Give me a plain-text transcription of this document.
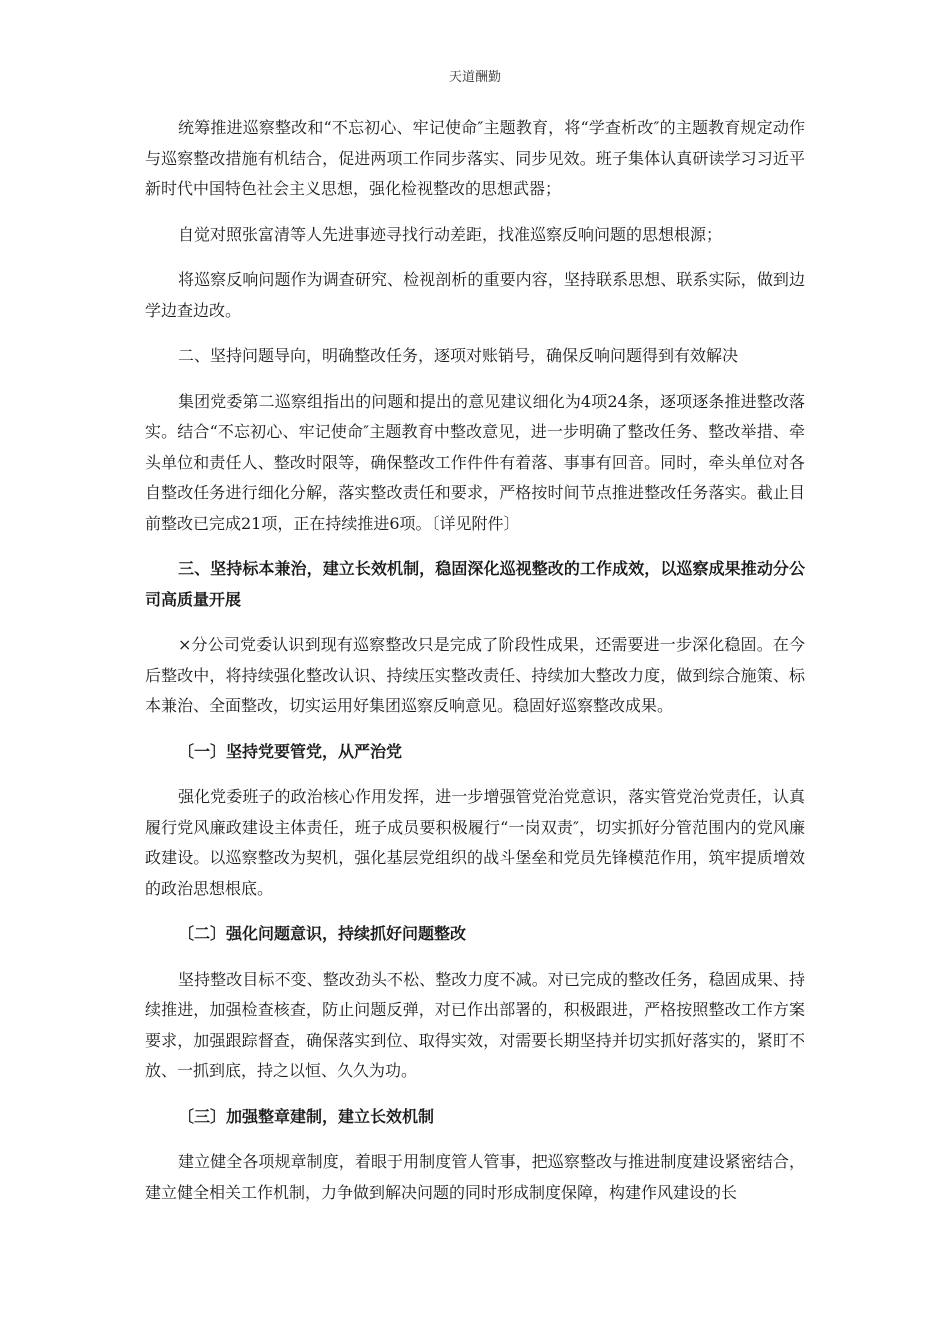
天道酬勤

统筹推进巡察整改和“不忘初心、牢记使命″主题教育，将“学查析改″的主题教育规定动作与巡察整改措施有机结合，促进两项工作同步落实、同步见效。班子集体认真研读学习习近平新时代中国特色社会主义思想，强化检视整改的思想武器；

自觉对照张富清等人先进事迹寻找行动差距，找准巡察反响问题的思想根源；

将巡察反响问题作为调查研究、检视剖析的重要内容，坚持联系思想、联系实际，做到边学边查边改。

二、坚持问题导向，明确整改任务，逐项对账销号，确保反响问题得到有效解决

集团党委第二巡察组指出的问题和提出的意见建议细化为4项24条，逐项逐条推进整改落实。结合“不忘初心、牢记使命″主题教育中整改意见，进一步明确了整改任务、整改举措、牵头单位和责任人、整改时限等，确保整改工作件件有着落、事事有回音。同时，牵头单位对各自整改任务进行细化分解，落实整改责任和要求，严格按时间节点推进整改任务落实。截止目前整改已完成21项，正在持续推进6项。〔详见附件〕

三、坚持标本兼治，建立长效机制，稳固深化巡视整改的工作成效，以巡察成果推动分公司高质量开展

×分公司党委认识到现有巡察整改只是完成了阶段性成果，还需要进一步深化稳固。在今后整改中，将持续强化整改认识、持续压实整改责任、持续加大整改力度，做到综合施策、标本兼治、全面整改，切实运用好集团巡察反响意见。稳固好巡察整改成果。

〔一〕坚持党要管党，从严治党

强化党委班子的政治核心作用发挥，进一步增强管党治党意识，落实管党治党责任，认真履行党风廉政建设主体责任，班子成员要积极履行“一岗双责″，切实抓好分管范围内的党风廉政建设。以巡察整改为契机，强化基层党组织的战斗堡垒和党员先锋模范作用，筑牢提质增效的政治思想根底。

〔二〕强化问题意识，持续抓好问题整改

坚持整改目标不变、整改劲头不松、整改力度不减。对已完成的整改任务，稳固成果、持续推进，加强检查核查，防止问题反弹，对已作出部署的，积极跟进，严格按照整改工作方案要求，加强跟踪督查，确保落实到位、取得实效，对需要长期坚持并切实抓好落实的，紧盯不放、一抓到底，持之以恒、久久为功。

〔三〕加强整章建制，建立长效机制

建立健全各项规章制度，着眼于用制度管人管事，把巡察整改与推进制度建设紧密结合，建立健全相关工作机制，力争做到解决问题的同时形成制度保障，构建作风建设的长
